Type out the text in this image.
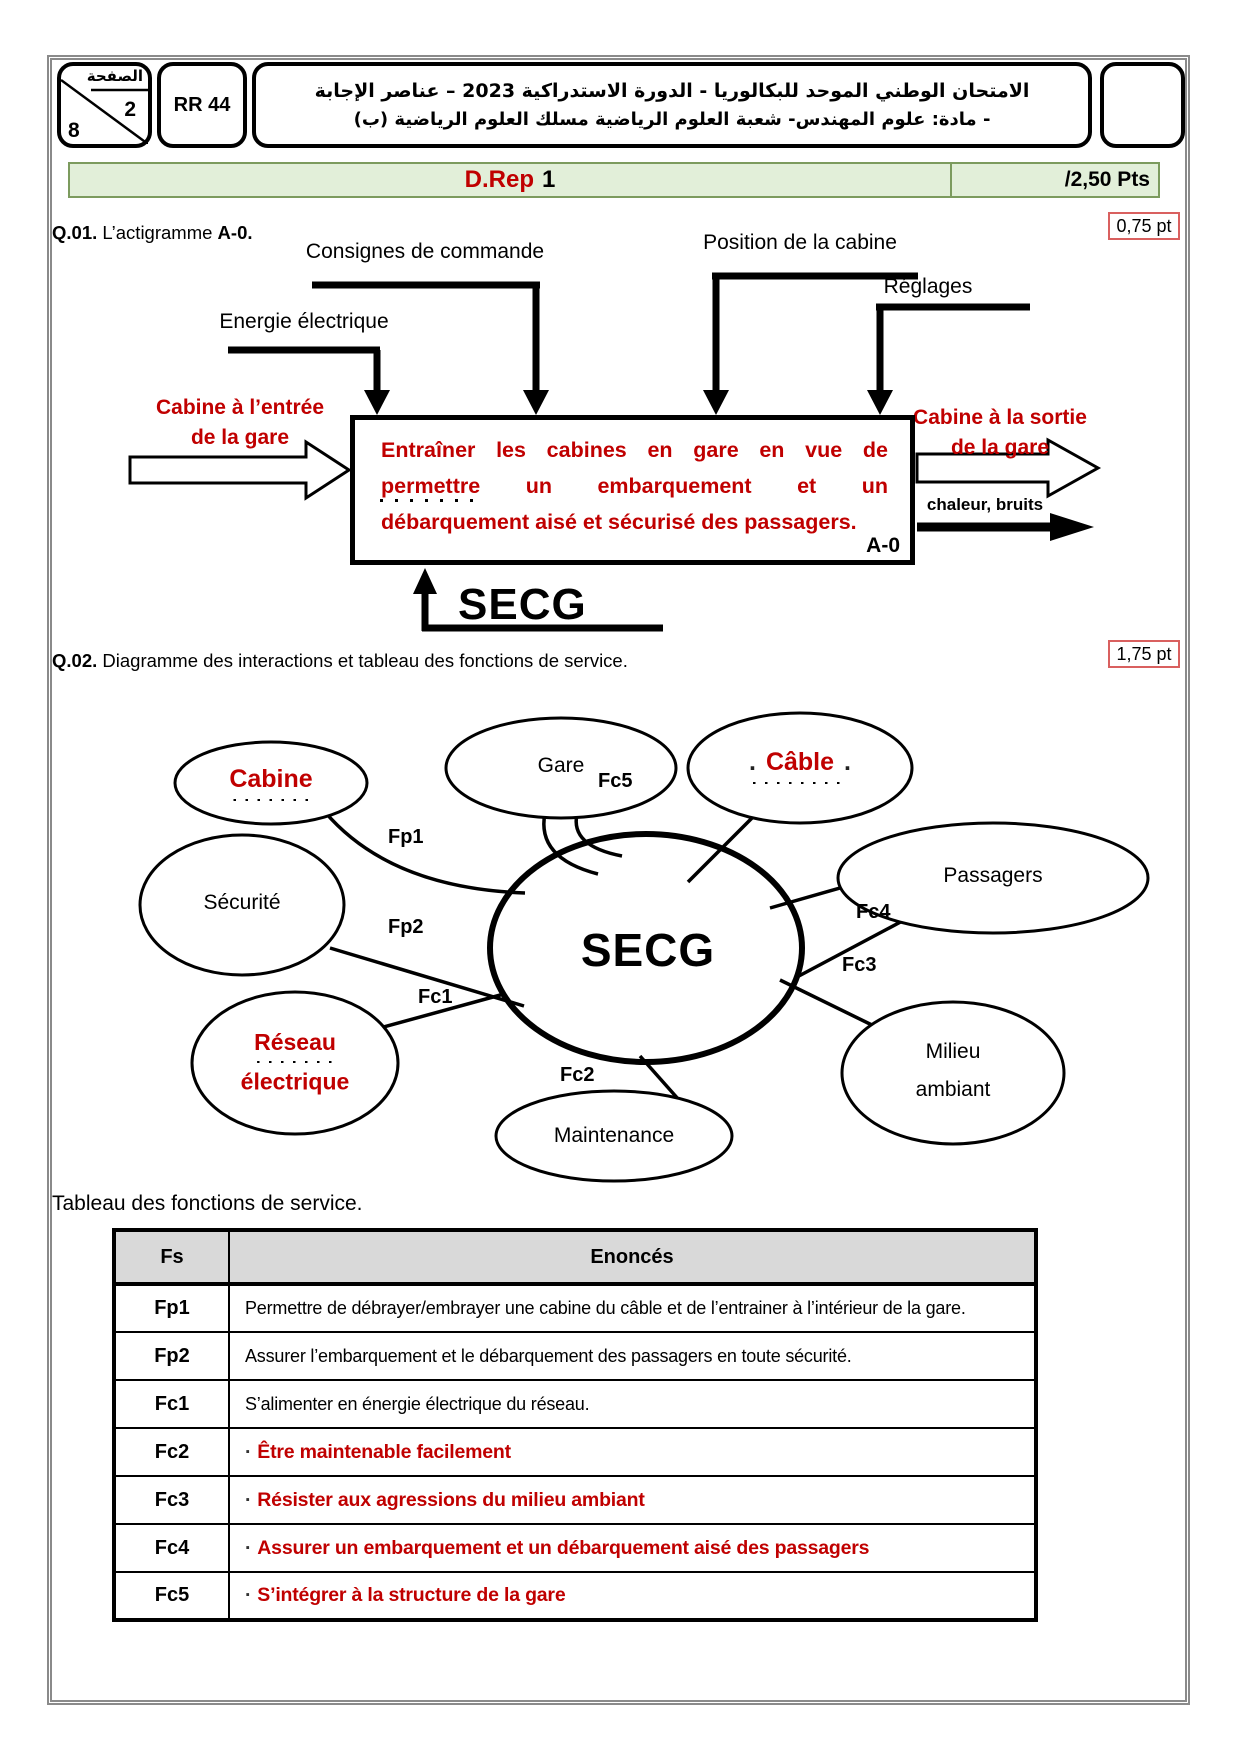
الصفحة
2
8
RR 44
الامتحان الوطني الموحد للبكالوريا - الدورة الاستدراكية 2023 – عناصر الإجابة
- مادة: علوم المهندس- شعبة العلوم الرياضية مسلك العلوم الرياضية (ب)
D.Rep 1	/2,50 Pts
Q.01. L’actigramme A-0.	0,75 pt
Consignes de commande	Position de la cabine
Energie électrique
Réglages
Cabine à l’entrée
de la gare
Cabine à la sortie
de la gare
chaleur, bruits
Entraîner les cabines en gare en vue de
permettre un embarquement et un
débarquement aisé et sécurisé des passagers.
A-0
SECG
Q.02. Diagramme des interactions et tableau des fonctions de service.	1,75 pt
SECG
Gare
Cabine
. Câble .
Sécurité
Passagers
Réseau
électrique
Maintenance
Milieu
ambiant
Fp1
Fp2
Fc1
Fc2
Fc3
Fc4
Fc5
Tableau des fonctions de service.
Fs	Enoncés
Fp1	Permettre de débrayer/embrayer une cabine du câble et de l’entrainer à l’intérieur de la gare.
Fp2	Assurer l’embarquement et le débarquement des passagers en toute sécurité.
Fc1	S’alimenter en énergie électrique du réseau.
Fc2	· Être maintenable facilement
Fc3	· Résister aux agressions du milieu ambiant
Fc4	· Assurer un embarquement et un débarquement aisé des passagers
Fc5	· S’intégrer à la structure de la gare
